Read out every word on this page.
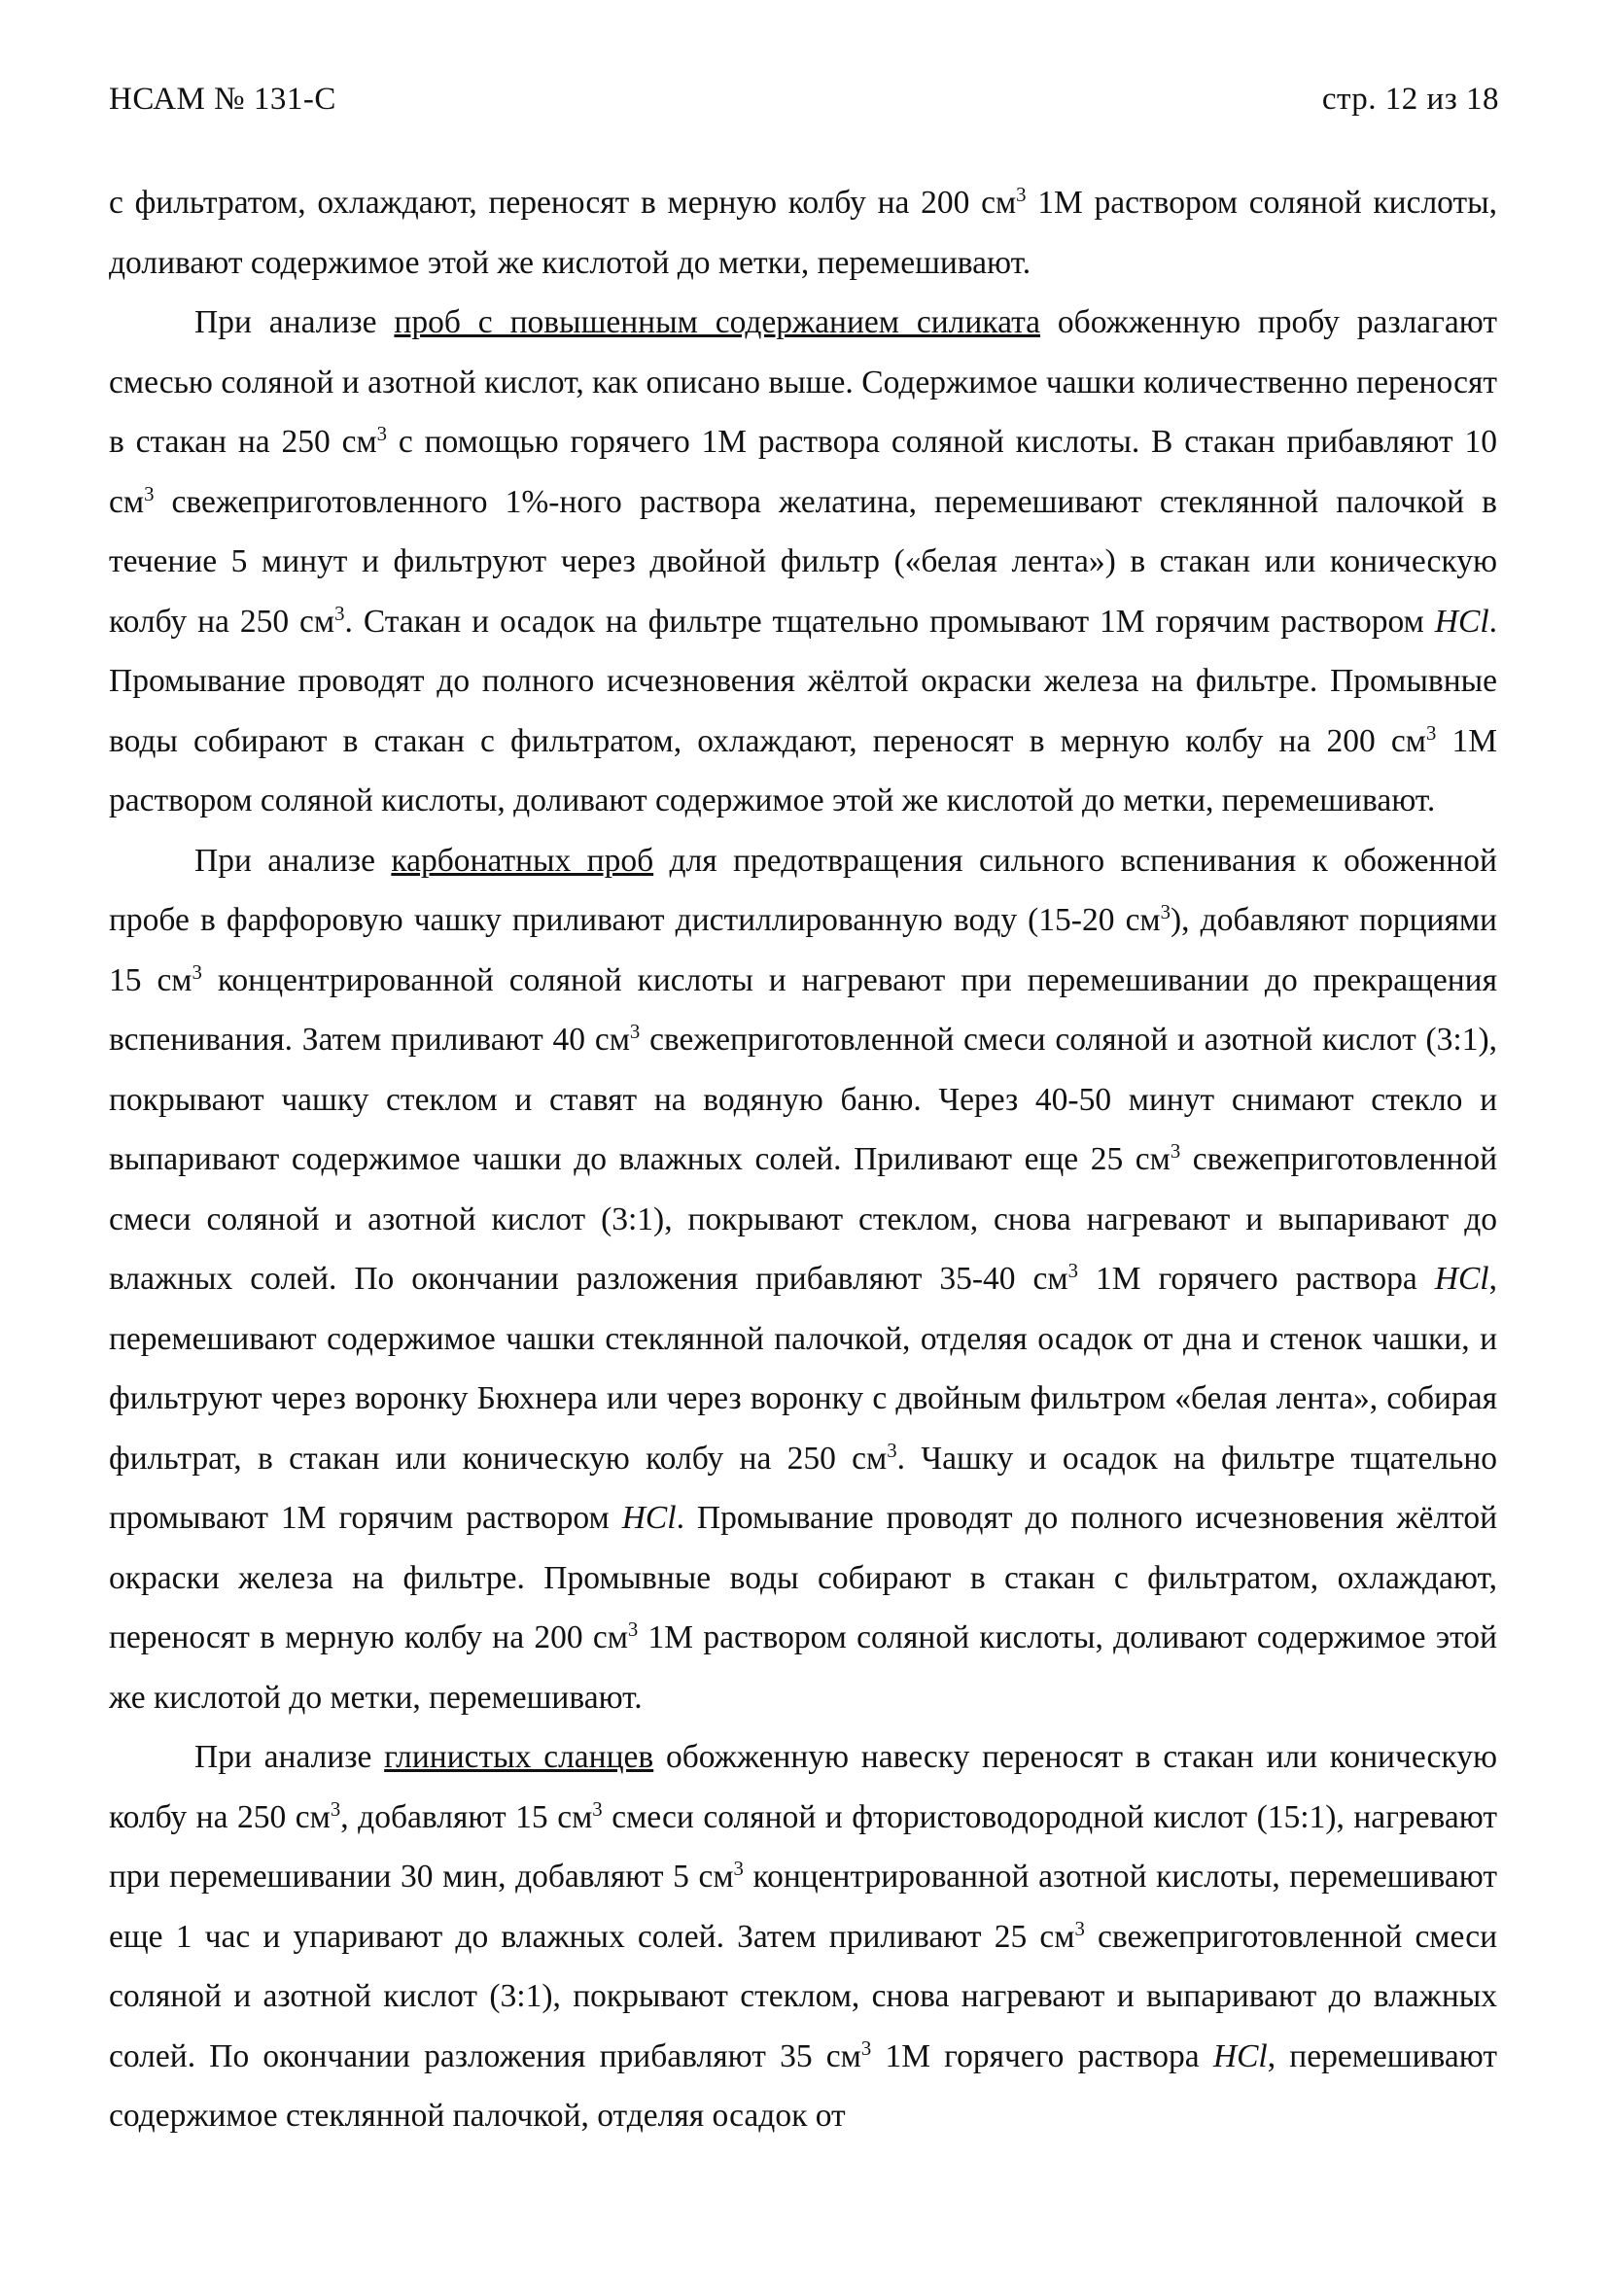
НСАМ № 131-С	стр. 12 из 18

с фильтратом, охлаждают, переносят в мерную колбу на 200 $см^3$ 1М раствором соляной кислоты, доливают содержимое этой же кислотой до метки, перемешивают.

При анализе проб с повышенным содержанием силиката обожженную пробу разлагают смесью соляной и азотной кислот, как описано выше. Содержимое чашки количественно переносят в стакан на 250 $см^3$ с помощью горячего 1М раствора соляной кислоты. В стакан прибавляют 10 $см^3$ свежеприготовленного 1%-ного раствора желатина, перемешивают стеклянной палочкой в течение 5 минут и фильтруют через двойной фильтр («белая лента») в стакан или коническую колбу на 250 $см^3$. Стакан и осадок на фильтре тщательно промывают 1М горячим раствором HCl. Промывание проводят до полного исчезновения жёлтой окраски железа на фильтре. Промывные воды собирают в стакан с фильтратом, охлаждают, переносят в мерную колбу на 200 $см^3$ 1М раствором соляной кислоты, доливают содержимое этой же кислотой до метки, перемешивают.

При анализе карбонатных проб для предотвращения сильного вспенивания к обоженной пробе в фарфоровую чашку приливают дистиллированную воду (15-20 $см^3$), добавляют порциями 15 $см^3$ концентрированной соляной кислоты и нагревают при перемешивании до прекращения вспенивания. Затем приливают 40 $см^3$ свежеприготовленной смеси соляной и азотной кислот (3:1), покрывают чашку стеклом и ставят на водяную баню. Через 40-50 минут снимают стекло и выпаривают содержимое чашки до влажных солей. Приливают еще 25 $см^3$ свежеприготовленной смеси соляной и азотной кислот (3:1), покрывают стеклом, снова нагревают и выпаривают до влажных солей. По окончании разложения прибавляют 35-40 $см^3$ 1М горячего раствора HCl, перемешивают содержимое чашки стеклянной палочкой, отделяя осадок от дна и стенок чашки, и фильтруют через воронку Бюхнера или через воронку с двойным фильтром «белая лента», собирая фильтрат, в стакан или коническую колбу на 250 $см^3$. Чашку и осадок на фильтре тщательно промывают 1М горячим раствором HCl. Промывание проводят до полного исчезновения жёлтой окраски железа на фильтре. Промывные воды собирают в стакан с фильтратом, охлаждают, переносят в мерную колбу на 200 $см^3$ 1М раствором соляной кислоты, доливают содержимое этой же кислотой до метки, перемешивают.

При анализе глинистых сланцев обожженную навеску переносят в стакан или коническую колбу на 250 $см^3$, добавляют 15 $см^3$ смеси соляной и фтористоводородной кислот (15:1), нагревают при перемешивании 30 мин, добавляют 5 $см^3$ концентрированной азотной кислоты, перемешивают еще 1 час и упаривают до влажных солей. Затем приливают 25 $см^3$ свежеприготовленной смеси соляной и азотной кислот (3:1), покрывают стеклом, снова нагревают и выпаривают до влажных солей. По окончании разложения прибавляют 35 $см^3$ 1М горячего раствора HCl, перемешивают содержимое стеклянной палочкой, отделяя осадок от
